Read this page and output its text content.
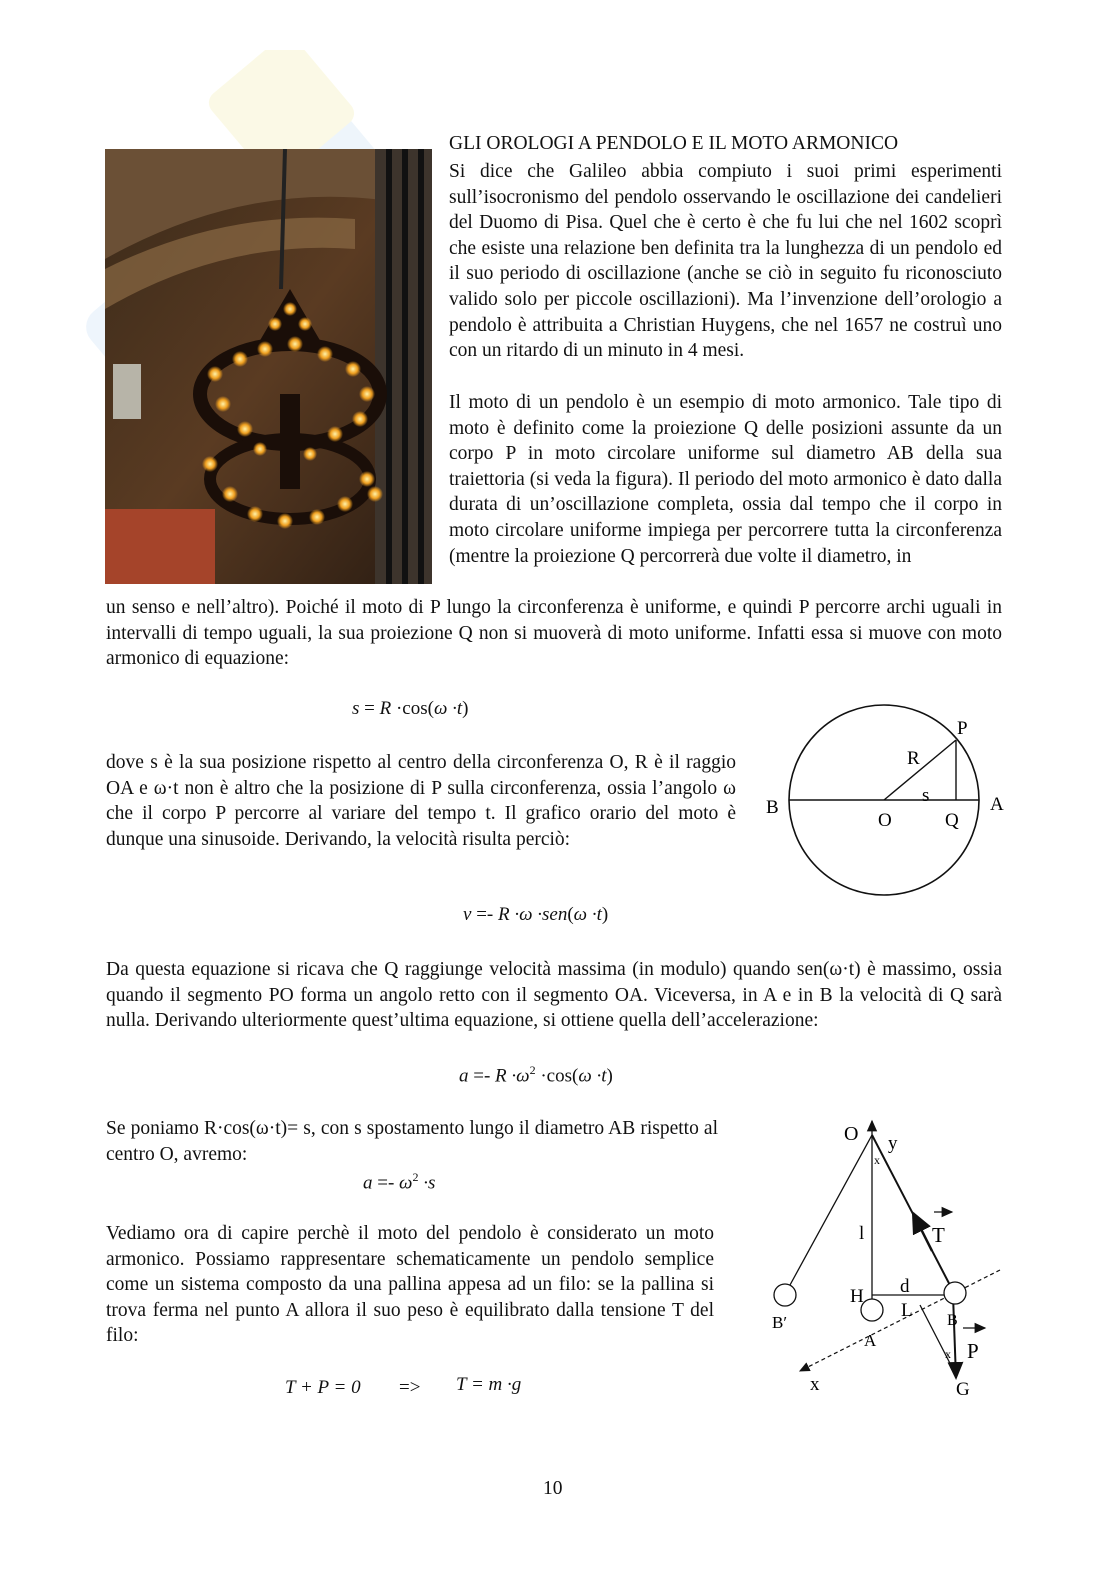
GLI OROLOGI A PENDOLO E IL MOTO ARMONICO
Si dice che Galileo abbia compiuto i suoi primi esperimenti sull’isocronismo del pendolo osservando le oscillazione dei candelieri del Duomo di Pisa. Quel che è certo è che fu lui che nel 1602 scoprì che esiste una relazione ben definita tra la lunghezza di un pendolo ed il suo periodo di oscillazione (anche se ciò in seguito fu riconosciuto valido solo per piccole oscillazioni). Ma l’invenzione dell’orologio a pendolo è attribuita a Christian Huygens, che nel 1657 ne costruì uno con un ritardo di un minuto in 4 mesi.
Il moto di un pendolo è un esempio di moto armonico. Tale tipo di moto è definito come la proiezione Q delle posizioni assunte da un corpo P in moto circolare uniforme sul diametro AB della sua traiettoria (si veda la figura). Il periodo del moto armonico è dato dalla durata di un’oscillazione completa, ossia dal tempo che il corpo in moto circolare uniforme impiega per percorrere tutta la circonferenza (mentre la proiezione Q percorrerà due volte il diametro, in
un senso e nell’altro). Poiché il moto di P lungo la circonferenza è uniforme, e quindi P percorre archi uguali in intervalli di tempo uguali, la sua proiezione Q non si muoverà di moto uniforme. Infatti essa si muove con moto armonico di equazione:
s = R ·cos(ω ·t)
dove s è la sua posizione rispetto al centro della circonferenza O, R è il raggio OA e ω·t non è altro che la posizione di P sulla circonferenza, ossia l’angolo ω che il corpo P percorre al variare del tempo t. Il grafico orario del moto è dunque una sinusoide. Derivando, la velocità risulta perciò:
P
R
s
B
O	Q
A
v =- R ·ω ·sen(ω ·t)
Da questa equazione si ricava che Q raggiunge velocità massima (in modulo) quando sen(ω·t) è massimo, ossia quando il segmento PO forma un angolo retto con il segmento OA. Viceversa, in A e in B la velocità di Q sarà nulla. Derivando ulteriormente quest’ultima equazione, si ottiene quella dell’accelerazione:
$a =- R \cdot\omega^2 \cdot\cos(\omega \cdot t)$
Se poniamo R·cos(ω·t)= s, con s spostamento lungo il diametro AB rispetto al centro O, avremo:
$a =- \omega^2 \cdot s$
Vediamo ora di capire perchè il moto del pendolo è considerato un moto armonico. Possiamo rappresentare schematicamente un pendolo semplice come un sistema composto da una pallina appesa ad un filo: se la pallina si trova ferma nel punto A allora il suo peso è equilibrato dalla tensione T del filo:
T + P = 0 => T = m ·g
O y
x
l	T
H d
L
B′
A
B
x P
x	G
10
